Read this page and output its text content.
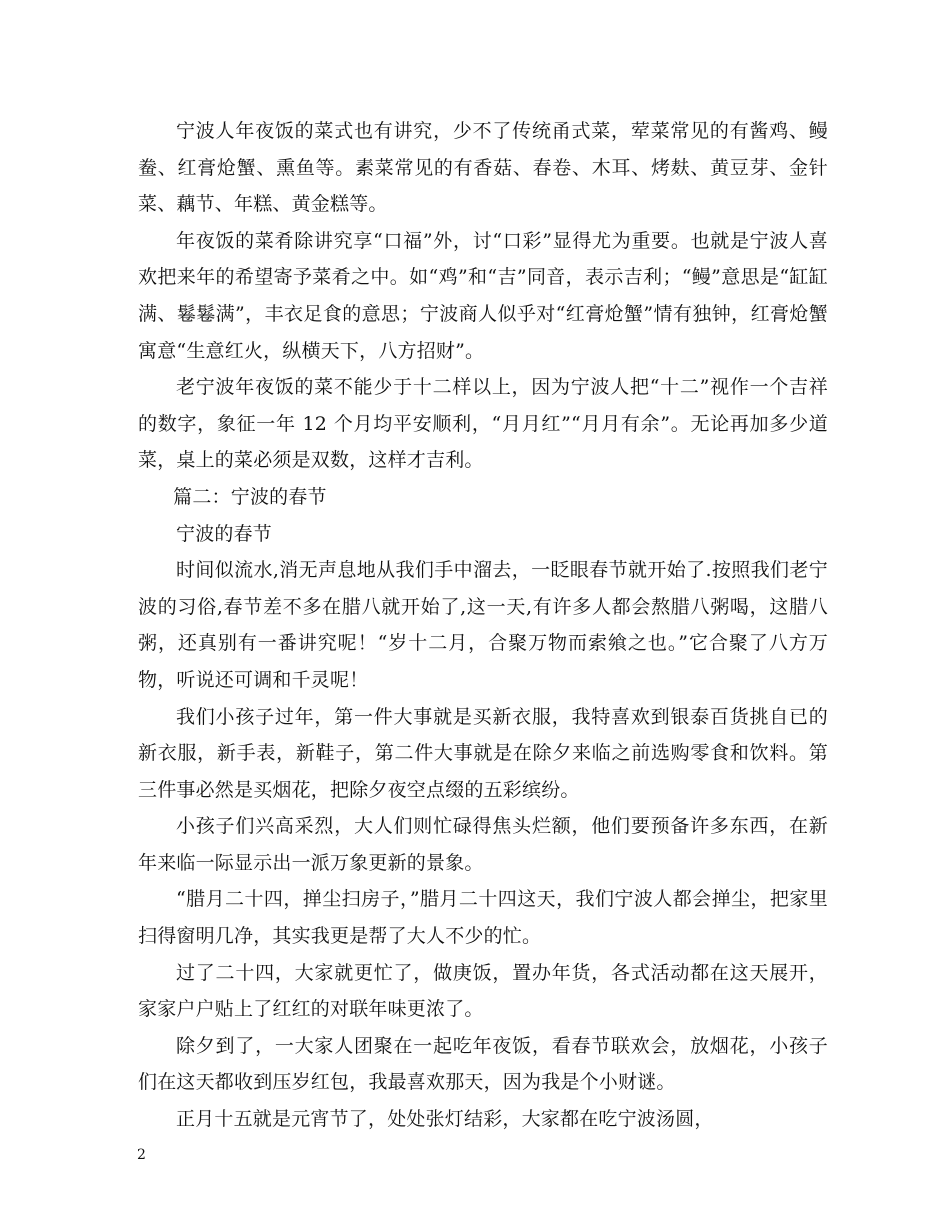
宁波人年夜饭的菜式也有讲究，少不了传统甬式菜，荤菜常见的有酱鸡、鳗鲞、红膏炝蟹、熏鱼等。素菜常见的有香菇、春卷、木耳、烤麸、黄豆芽、金针菜、藕节、年糕、黄金糕等。

年夜饭的菜肴除讲究享“口福”外，讨“口彩”显得尤为重要。也就是宁波人喜欢把来年的希望寄予菜肴之中。如“鸡”和“吉”同音，表示吉利；“鳗”意思是“缸缸满、鬈鬈满”，丰衣足食的意思；宁波商人似乎对“红膏炝蟹”情有独钟，红膏炝蟹寓意“生意红火，纵横天下，八方招财”。

老宁波年夜饭的菜不能少于十二样以上，因为宁波人把“十二”视作一个吉祥的数字，象征一年 12 个月均平安顺利，“月月红”“月月有余”。无论再加多少道菜，桌上的菜必须是双数，这样才吉利。

篇二：宁波的春节

宁波的春节

时间似流水,消无声息地从我们手中溜去，一眨眼春节就开始了.按照我们老宁波的习俗,春节差不多在腊八就开始了,这一天,有许多人都会熬腊八粥喝，这腊八粥，还真别有一番讲究呢！“岁十二月，合聚万物而索飨之也。”它合聚了八方万物，听说还可调和千灵呢！

我们小孩子过年，第一件大事就是买新衣服，我特喜欢到银泰百货挑自已的新衣服，新手表，新鞋子，第二件大事就是在除夕来临之前选购零食和饮料。第三件事必然是买烟花，把除夕夜空点缀的五彩缤纷。

小孩子们兴高采烈，大人们则忙碌得焦头烂额，他们要预备许多东西，在新年来临一际显示出一派万象更新的景象。

“腊月二十四，掸尘扫房子，”腊月二十四这天，我们宁波人都会掸尘，把家里扫得窗明几净，其实我更是帮了大人不少的忙。

过了二十四，大家就更忙了，做庚饭，置办年货，各式活动都在这天展开，家家户户贴上了红红的对联年味更浓了。

除夕到了，一大家人团聚在一起吃年夜饭，看春节联欢会，放烟花，小孩子们在这天都收到压岁红包，我最喜欢那天，因为我是个小财谜。

正月十五就是元宵节了，处处张灯结彩，大家都在吃宁波汤圆，

2
